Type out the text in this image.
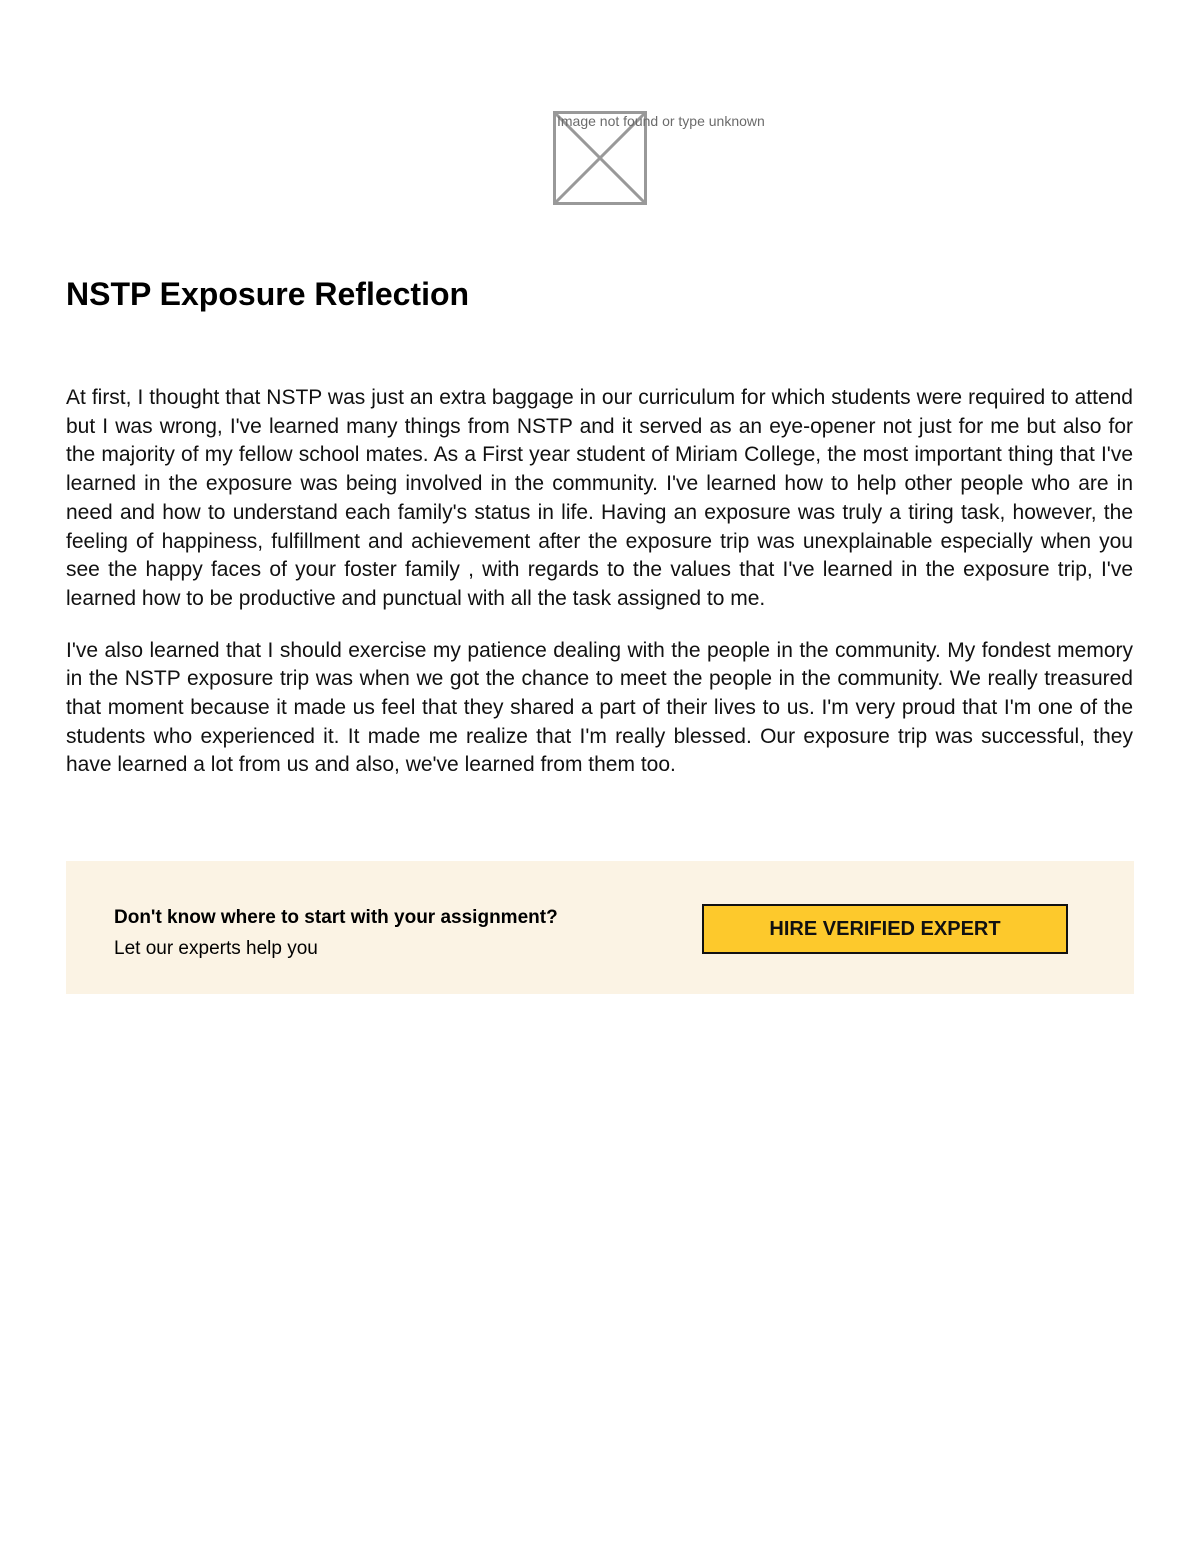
Image not found or type unknown
NSTP Exposure Reflection

At first, I thought that NSTP was just an extra baggage in our curriculum for which students were required to attend but I was wrong, I've learned many things from NSTP and it served as an eye-opener not just for me but also for the majority of my fellow school mates. As a First year student of Miriam College, the most important thing that I've learned in the exposure was being involved in the community. I've learned how to help other people who are in need and how to understand each family's status in life. Having an exposure was truly a tiring task, however, the feeling of happiness, fulfillment and achievement after the exposure trip was unexplainable especially when you see the happy faces of your foster family , with regards to the values that I've learned in the exposure trip, I've learned how to be productive and punctual with all the task assigned to me.

I've also learned that I should exercise my patience dealing with the people in the community. My fondest memory in the NSTP exposure trip was when we got the chance to meet the people in the community. We really treasured that moment because it made us feel that they shared a part of their lives to us. I'm very proud that I'm one of the students who experienced it. It made me realize that I'm really blessed. Our exposure trip was successful, they have learned a lot from us and also, we've learned from them too.

Don't know where to start with your assignment?
Let our experts help you
HIRE VERIFIED EXPERT
